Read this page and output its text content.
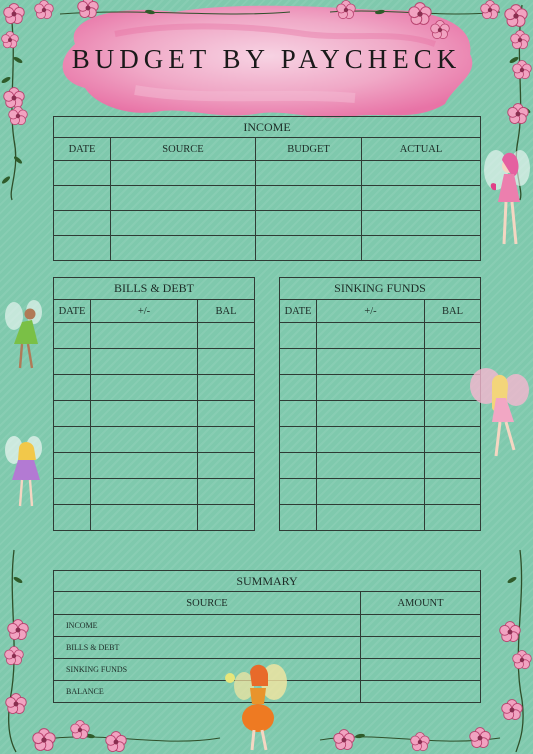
BUDGET BY PAYCHECK
INCOME			
DATE	SOURCE	BUDGET	ACTUAL

BILLS & DEBT		
DATE	+/-	BAL

SINKING FUNDS		
DATE	+/-	BAL

SUMMARY	
SOURCE	AMOUNT
INCOME	
BILLS & DEBT	
SINKING FUNDS	
BALANCE	
